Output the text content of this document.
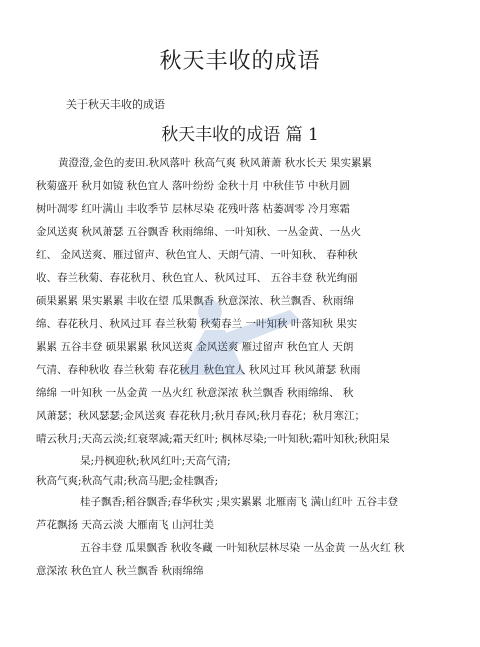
秋天丰收的成语
关于秋天丰收的成语
秋天丰收的成语 篇 1
黄澄澄,金色的麦田.秋风落叶 秋高气爽 秋风萧萧 秋水长天 果实累累
秋菊盛开 秋月如镜 秋色宜人 落叶纷纷 金秋十月 中秋佳节 中秋月圆
树叶凋零 红叶满山 丰收季节 层林尽染 花残叶落 枯萎凋零 冷月寒霜
金风送爽 秋风萧瑟 五谷飘香 秋雨绵绵、一叶知秋、一丛金黄、一丛火
红、 金风送爽、雁过留声、秋色宜人、天朗气清、一叶知秋、 春种秋
收、春兰秋菊、春花秋月、秋色宜人、秋风过耳、 五谷丰登 秋光绚丽
硕果累累 果实累累 丰收在望 瓜果飘香 秋意深浓、秋兰飘香、秋雨绵
绵、春花秋月、秋风过耳 春兰秋菊 秋菊春兰 一叶知秋 叶落知秋 果实
累累 五谷丰登 硕果累累 秋风送爽 金风送爽 雁过留声 秋色宜人 天朗
气清、春种秋收 春兰秋菊 春花秋月 秋色宜人 秋风过耳 秋风萧瑟 秋雨
绵绵 一叶知秋 一丛金黄 一丛火红 秋意深浓 秋兰飘香 秋雨绵绵、 秋
风萧瑟；秋风瑟瑟;金风送爽 春花秋月;秋月春风;秋月春花；秋月寒江；
晴云秋月;天高云淡;红衰翠减;霜天红叶; 枫林尽染;一叶知秋;霜叶知秋;秋阳杲
杲;丹枫迎秋;秋风红叶;天高气清;
秋高气爽;秋高气肃;秋高马肥;金桂飘香;
桂子飘香;稻谷飘香;春华秋实 ;果实累累 北雁南飞 满山红叶 五谷丰登
芦花飘扬 天高云淡 大雁南飞 山河壮美
五谷丰登 瓜果飘香 秋收冬藏 一叶知秋层林尽染 一丛金黄 一丛火红 秋
意深浓 秋色宜人 秋兰飘香 秋雨绵绵
